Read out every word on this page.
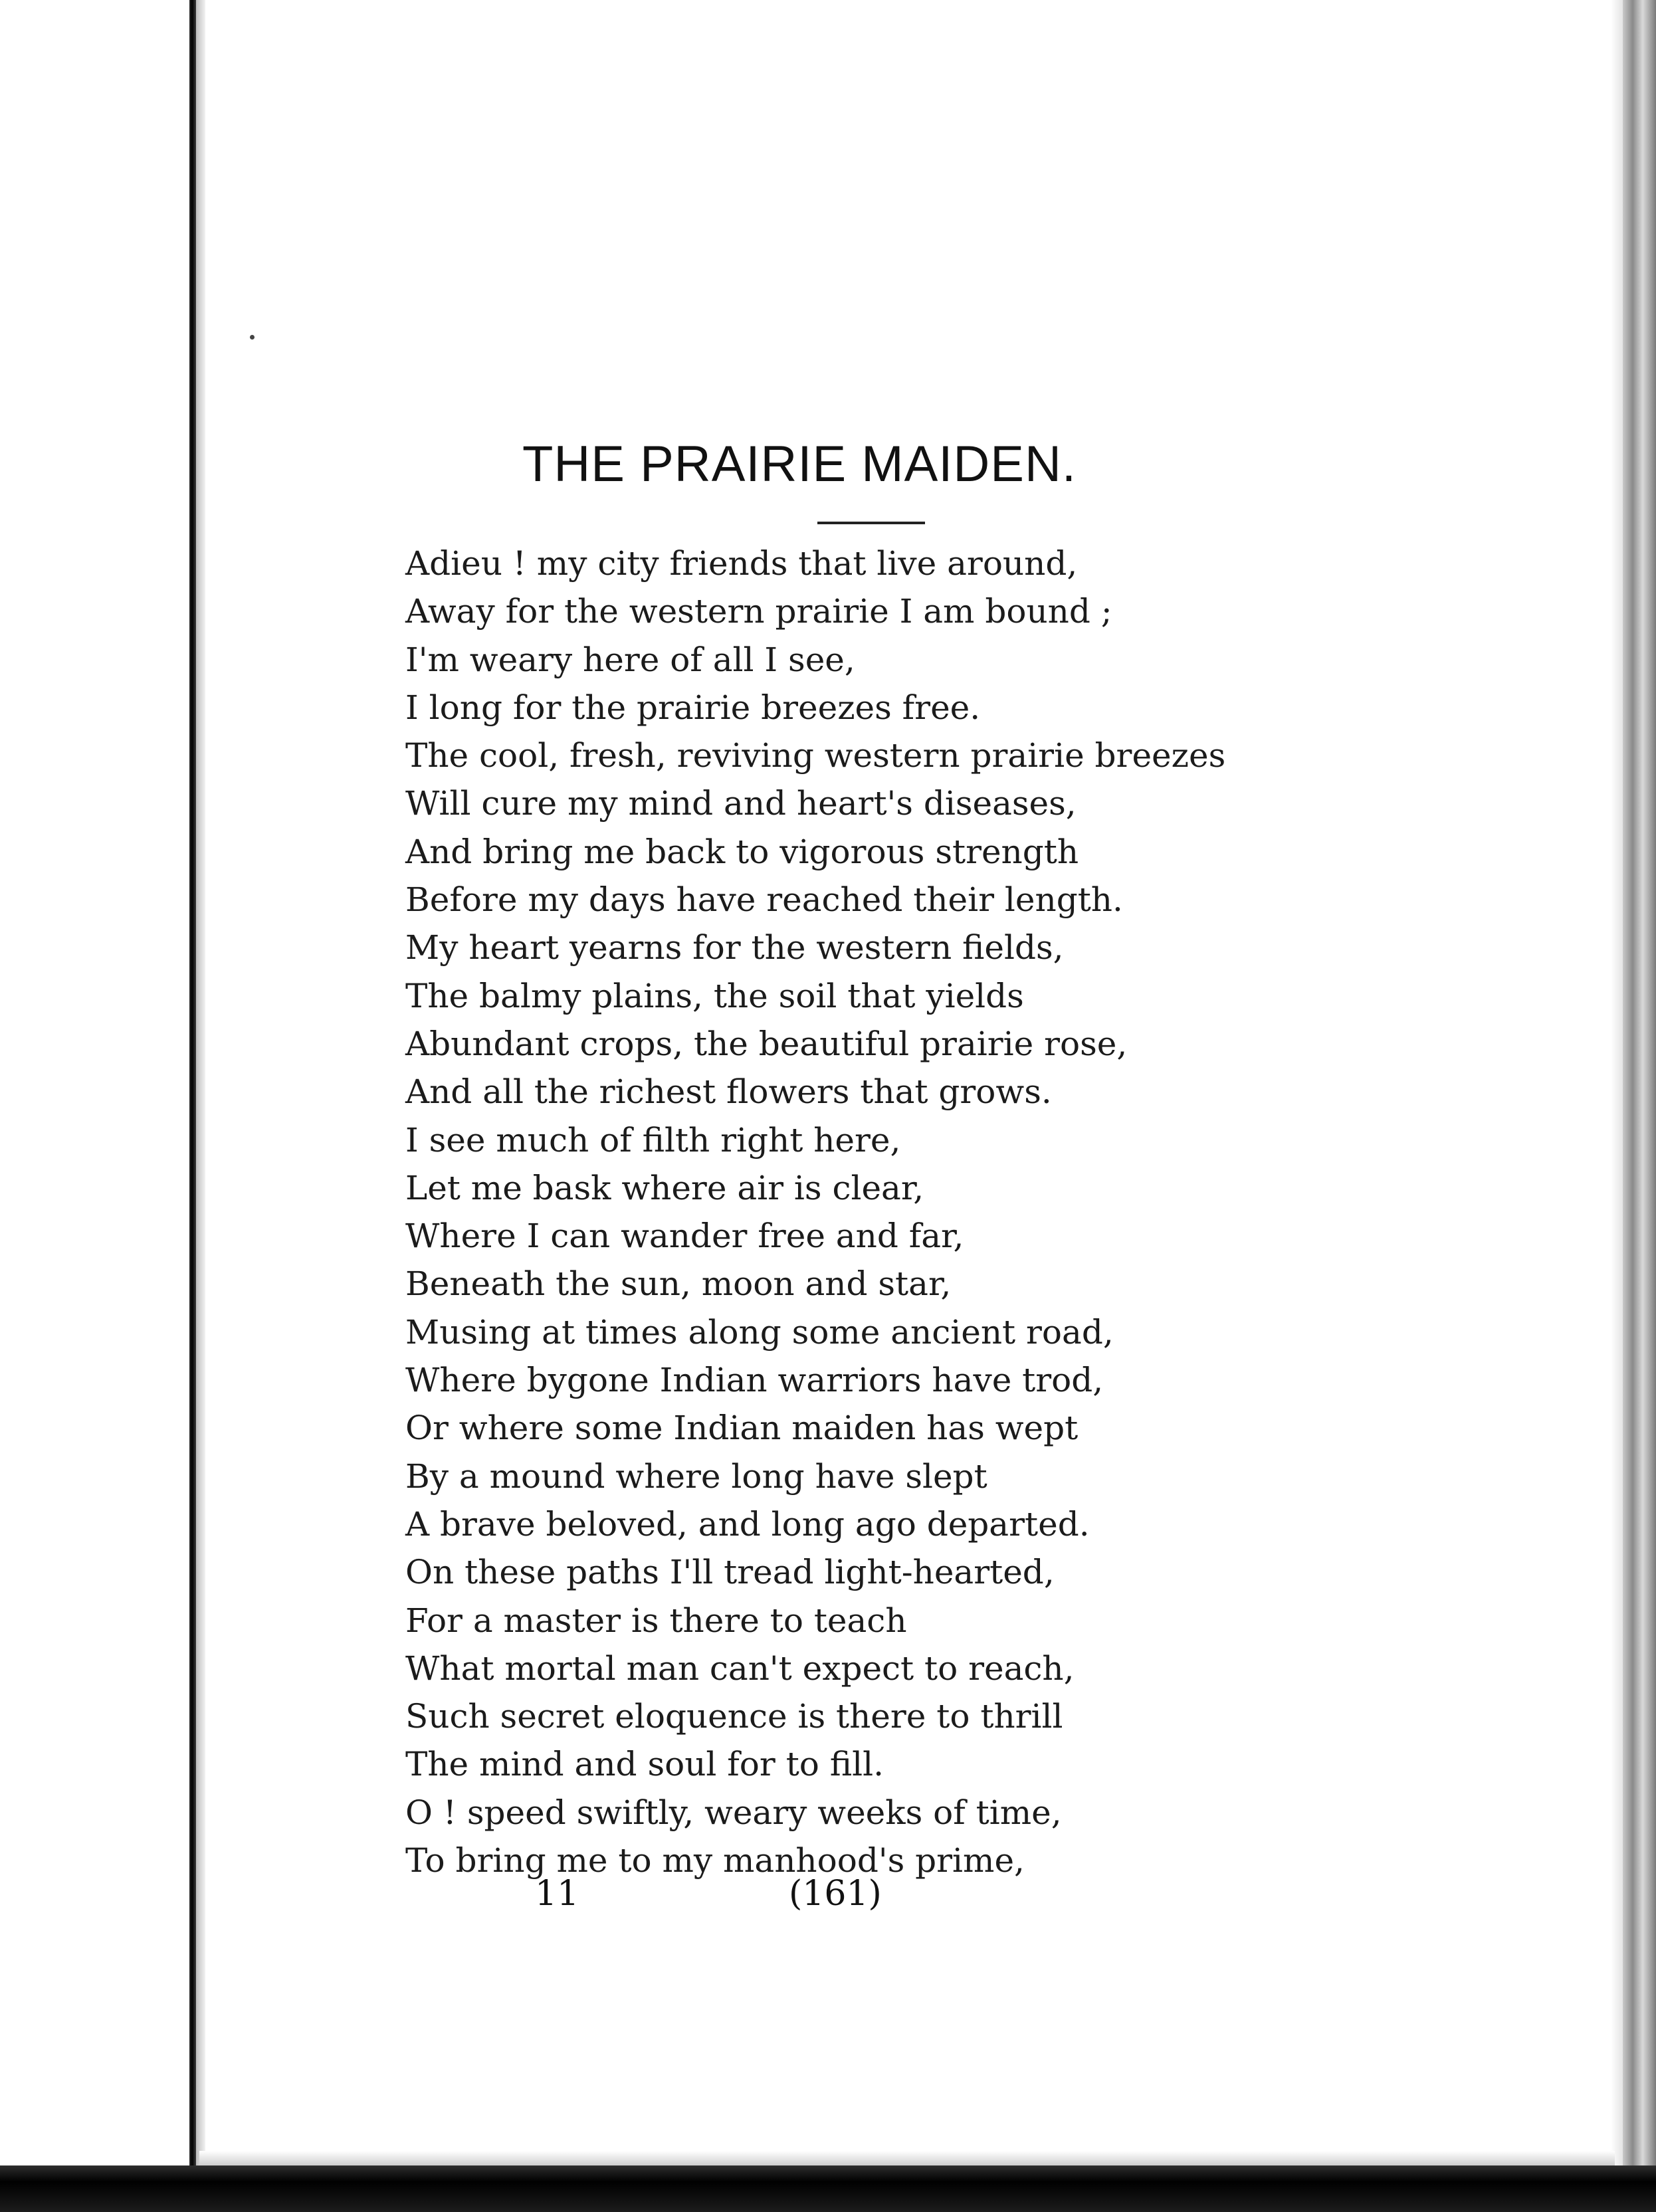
THE PRAIRIE MAIDEN.
Adieu ! my city friends that live around,
Away for the western prairie I am bound ;
I'm weary here of all I see,
I long for the prairie breezes free.
The cool, fresh, reviving western prairie breezes
Will cure my mind and heart's diseases,
And bring me back to vigorous strength
Before my days have reached their length.
My heart yearns for the western fields,
The balmy plains, the soil that yields
Abundant crops, the beautiful prairie rose,
And all the richest flowers that grows.
I see much of filth right here,
Let me bask where air is clear,
Where I can wander free and far,
Beneath the sun, moon and star,
Musing at times along some ancient road,
Where bygone Indian warriors have trod,
Or where some Indian maiden has wept
By a mound where long have slept
A brave beloved, and long ago departed.
On these paths I'll tread light-hearted,
For a master is there to teach
What mortal man can't expect to reach,
Such secret eloquence is there to thrill
The mind and soul for to fill.
O ! speed swiftly, weary weeks of time,
To bring me to my manhood's prime,
11	(161)
